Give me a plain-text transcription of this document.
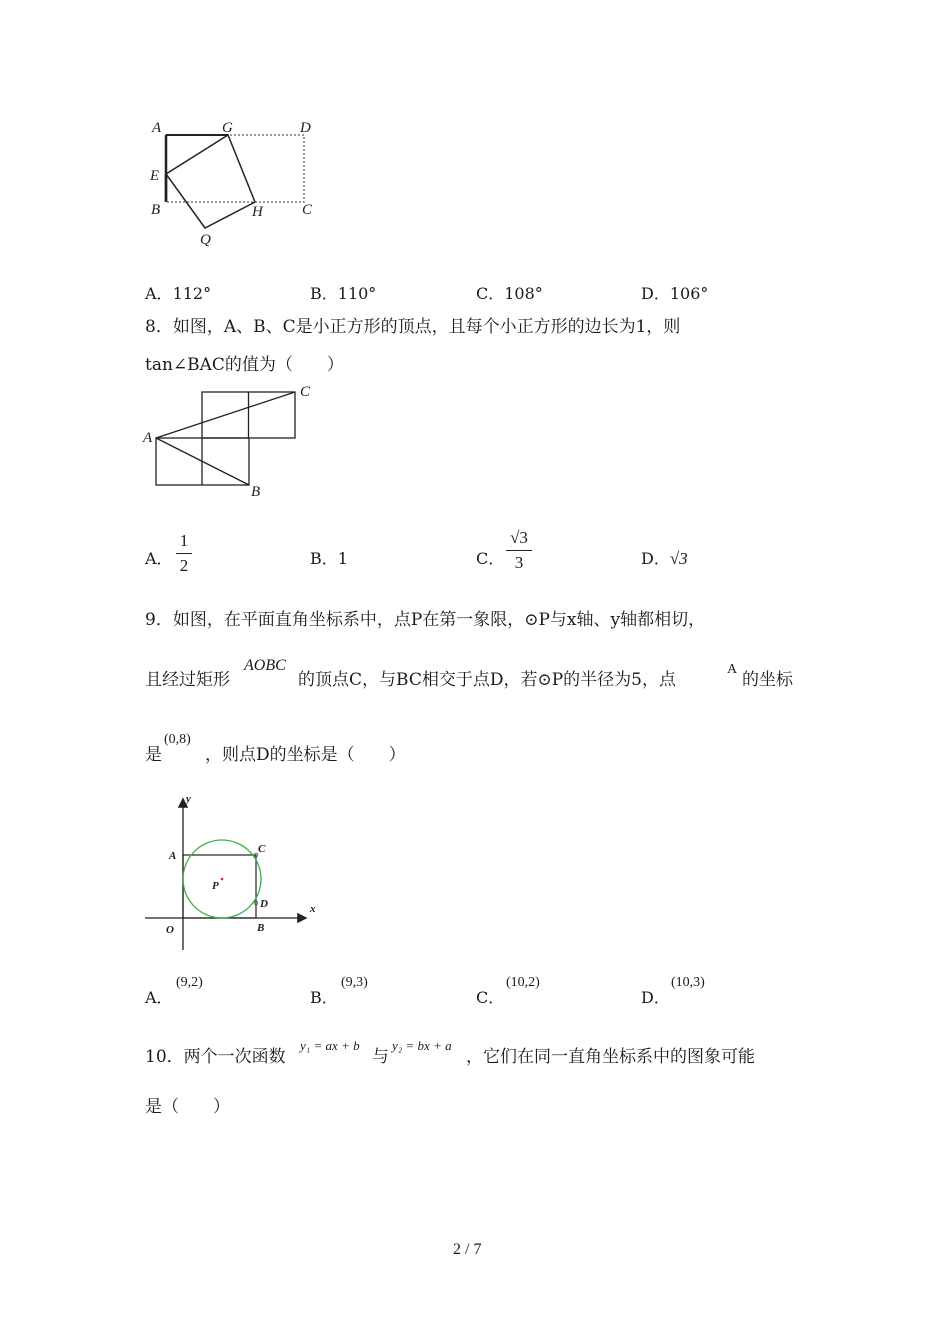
A	G	D
E
B	H	C
Q
A．112°	B．110°	C．108°	D．106°
8．如图，A、B、C是小正方形的顶点，且每个小正方形的边长为1，则
tan∠BAC的值为（　　）
A
C
B
A．
1
2	B．1	C．
√3
3	D．√3
9．如图，在平面直角坐标系中，点P在第一象限，⊙P与x轴、y轴都相切，
且经过矩形
AOBC
的顶点C，与BC相交于点D，若⊙P的半径为5，点
A
的坐标
是
(0,8)
，则点D的坐标是（　　）
y
x
A
C
P
D
O	B
A．
(9,2)
B．
(9,3)
C．
(10,2)
D．
(10,3)
10．两个一次函数
y₁ = ax + b
与
y₂ = bx + a
，它们在同一直角坐标系中的图象可能
是（　　）
2 / 7
